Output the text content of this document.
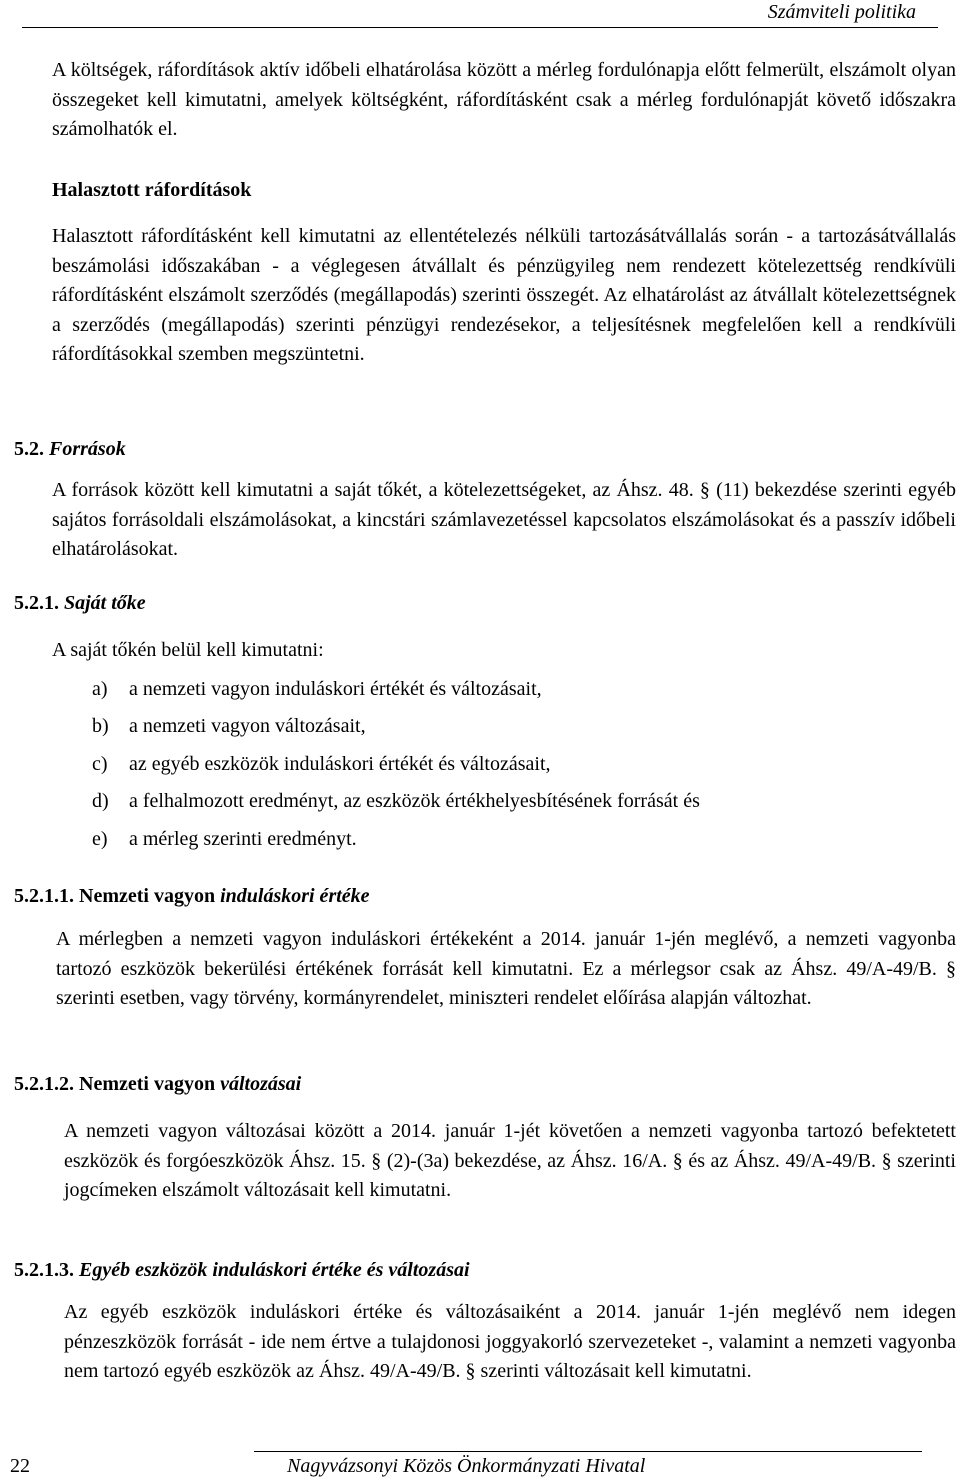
Számviteli politika

A költségek, ráfordítások aktív időbeli elhatárolása között a mérleg fordulónapja előtt felmerült, elszámolt olyan összegeket kell kimutatni, amelyek költségként, ráfordításként csak a mérleg fordulónapját követő időszakra számolhatók el.

Halasztott ráfordítások

Halasztott ráfordításként kell kimutatni az ellentételezés nélküli tartozásátvállalás során - a tartozásátvállalás beszámolási időszakában - a véglegesen átvállalt és pénzügyileg nem rendezett kötelezettség rendkívüli ráfordításként elszámolt szerződés (megállapodás) szerinti összegét. Az elhatárolást az átvállalt kötelezettségnek a szerződés (megállapodás) szerinti pénzügyi rendezésekor, a teljesítésnek megfelelően kell a rendkívüli ráfordításokkal szemben megszüntetni.

5.2. Források

A források között kell kimutatni a saját tőkét, a kötelezettségeket, az Áhsz. 48. § (11) bekezdése szerinti egyéb sajátos forrásoldali elszámolásokat, a kincstári számlavezetéssel kapcsolatos elszámolásokat és a passzív időbeli elhatárolásokat.

5.2.1. Saját tőke

A saját tőkén belül kell kimutatni:

a) a nemzeti vagyon induláskori értékét és változásait,

b) a nemzeti vagyon változásait,

c) az egyéb eszközök induláskori értékét és változásait,

d) a felhalmozott eredményt, az eszközök értékhelyesbítésének forrását és

e) a mérleg szerinti eredményt.

5.2.1.1. Nemzeti vagyon induláskori értéke

A mérlegben a nemzeti vagyon induláskori értékeként a 2014. január 1-jén meglévő, a nemzeti vagyonba tartozó eszközök bekerülési értékének forrását kell kimutatni. Ez a mérlegsor csak az Áhsz. 49/A-49/B. § szerinti esetben, vagy törvény, kormányrendelet, miniszteri rendelet előírása alapján változhat.

5.2.1.2. Nemzeti vagyon változásai

A nemzeti vagyon változásai között a 2014. január 1-jét követően a nemzeti vagyonba tartozó befektetett eszközök és forgóeszközök Áhsz. 15. § (2)-(3a) bekezdése, az Áhsz. 16/A. § és az Áhsz. 49/A-49/B. § szerinti jogcímeken elszámolt változásait kell kimutatni.

5.2.1.3. Egyéb eszközök induláskori értéke és változásai

Az egyéb eszközök induláskori értéke és változásaiként a 2014. január 1-jén meglévő nem idegen pénzeszközök forrását - ide nem értve a tulajdonosi joggyakorló szervezeteket -, valamint a nemzeti vagyonba nem tartozó egyéb eszközök az Áhsz. 49/A-49/B. § szerinti változásait kell kimutatni.

22	Nagyvázsonyi Közös Önkormányzati Hivatal
